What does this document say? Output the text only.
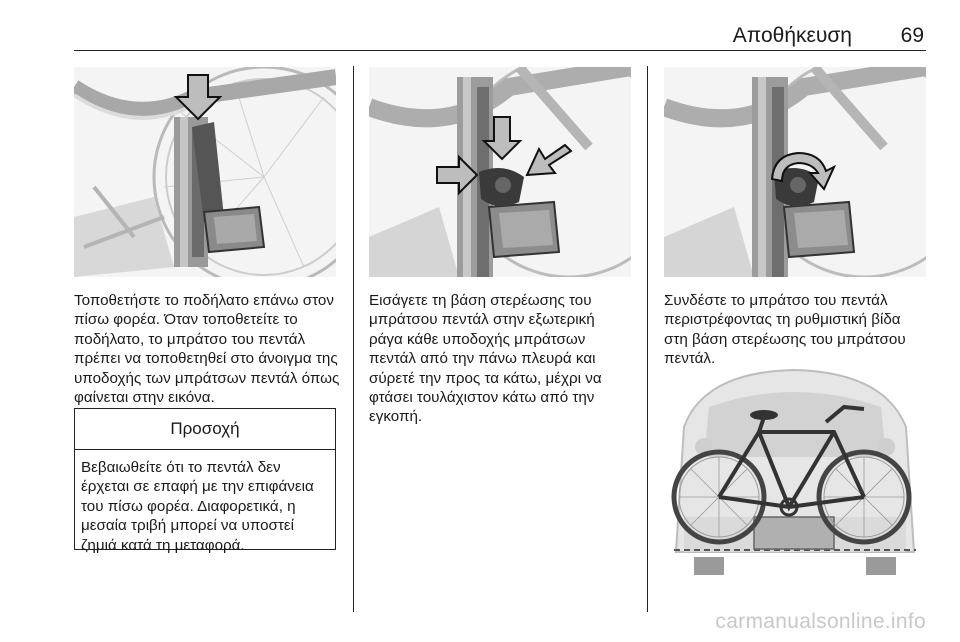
Αποθήκευση 69
Τοποθετήστε το ποδήλατο επάνω στον πίσω φορέα. Όταν τοποθετείτε το ποδήλατο, το μπράτσο του πεντάλ πρέπει να τοποθετηθεί στο άνοιγμα της υποδοχής των μπράτσων πεντάλ όπως φαίνεται στην εικόνα.
Προσοχή
Βεβαιωθείτε ότι το πεντάλ δεν έρχεται σε επαφή με την επιφάνεια του πίσω φορέα. Διαφορετικά, η μεσαία τριβή μπορεί να υποστεί ζημιά κατά τη μεταφορά.
Εισάγετε τη βάση στερέωσης του μπράτσου πεντάλ στην εξωτερική ράγα κάθε υποδοχής μπράτσων πεντάλ από την πάνω πλευρά και σύρετέ την προς τα κάτω, μέχρι να φτάσει τουλάχιστον κάτω από την εγκοπή.
Συνδέστε το μπράτσο του πεντάλ περιστρέφοντας τη ρυθμιστική βίδα στη βάση στερέωσης του μπράτσου πεντάλ.
carmanualsonline.info
